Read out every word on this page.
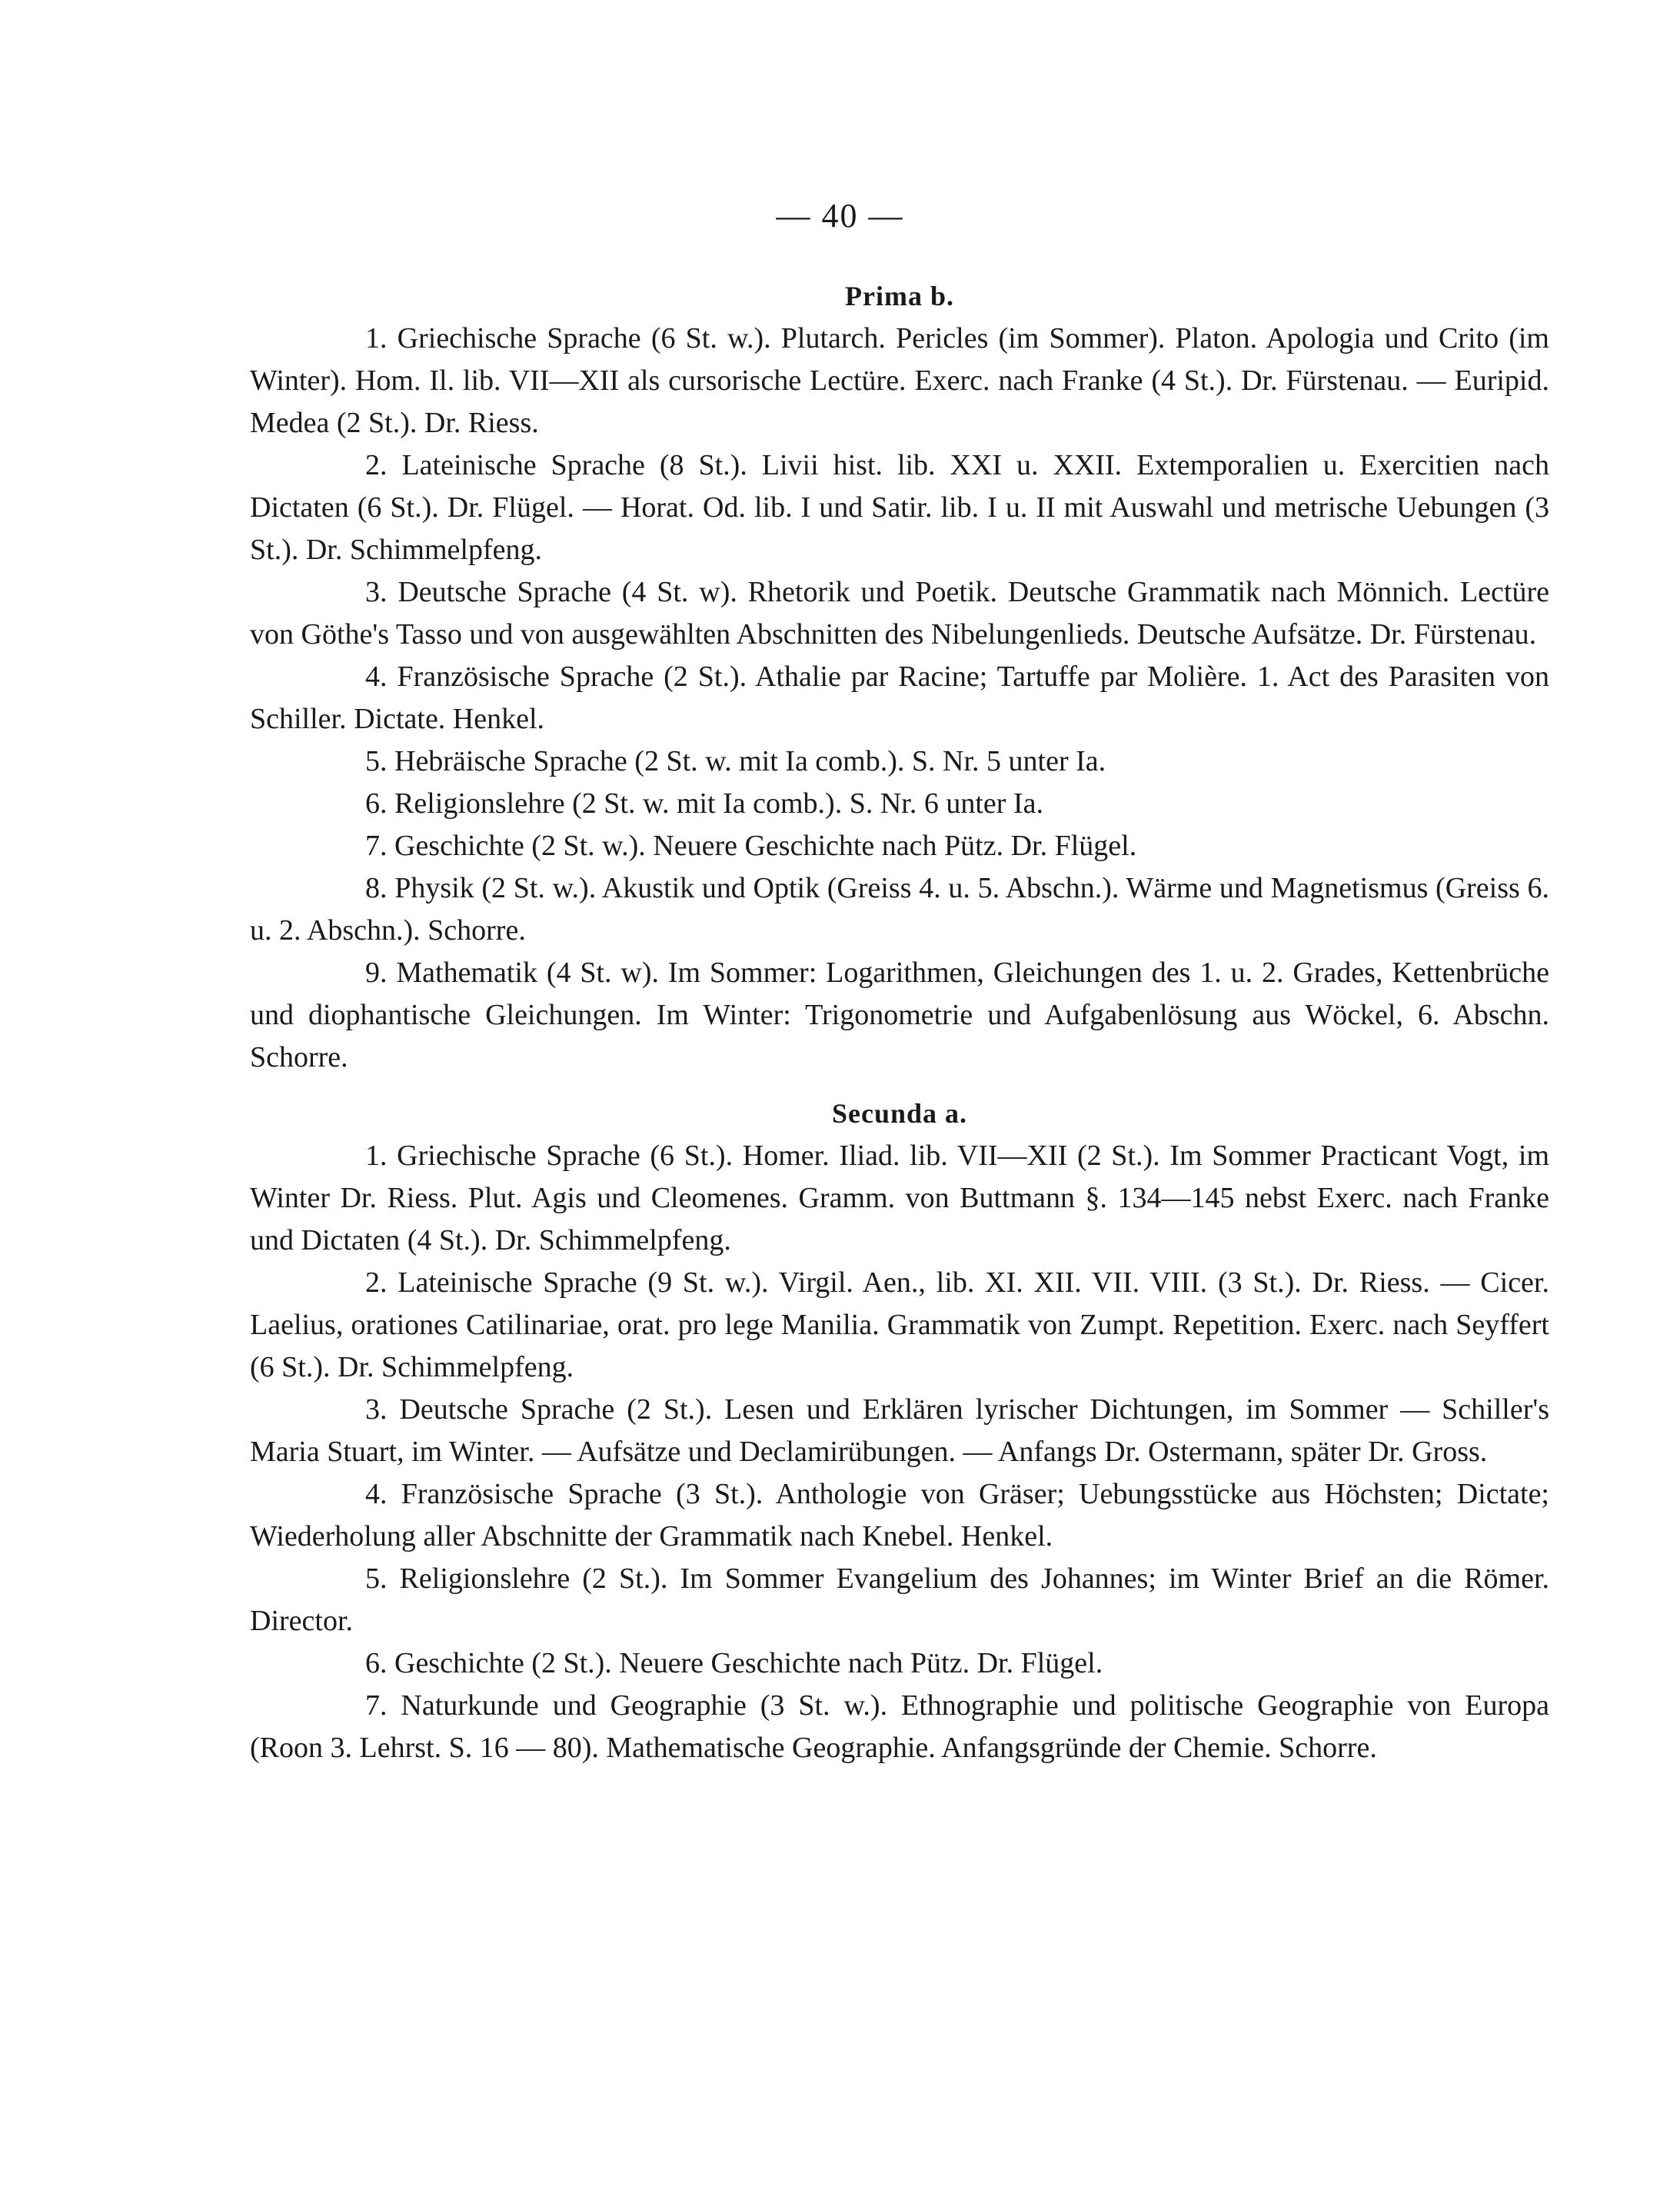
— 40 —
Prima b.

1. Griechische Sprache (6 St. w.). Plutarch. Pericles (im Sommer). Platon. Apologia und Crito (im Winter). Hom. Il. lib. VII—XII als cursorische Lectüre. Exerc. nach Franke (4 St.). Dr. Fürstenau. — Euripid. Medea (2 St.). Dr. Riess.

2. Lateinische Sprache (8 St.). Livii hist. lib. XXI u. XXII. Extemporalien u. Exercitien nach Dictaten (6 St.). Dr. Flügel. — Horat. Od. lib. I und Satir. lib. I u. II mit Auswahl und metrische Uebungen (3 St.). Dr. Schimmelpfeng.

3. Deutsche Sprache (4 St. w). Rhetorik und Poetik. Deutsche Grammatik nach Mönnich. Lectüre von Göthe's Tasso und von ausgewählten Abschnitten des Nibelungenlieds. Deutsche Aufsätze. Dr. Fürstenau.

4. Französische Sprache (2 St.). Athalie par Racine; Tartuffe par Molière. 1. Act des Parasiten von Schiller. Dictate. Henkel.

5. Hebräische Sprache (2 St. w. mit Ia comb.). S. Nr. 5 unter Ia.

6. Religionslehre (2 St. w. mit Ia comb.). S. Nr. 6 unter Ia.

7. Geschichte (2 St. w.). Neuere Geschichte nach Pütz. Dr. Flügel.

8. Physik (2 St. w.). Akustik und Optik (Greiss 4. u. 5. Abschn.). Wärme und Magnetismus (Greiss 6. u. 2. Abschn.). Schorre.

9. Mathematik (4 St. w). Im Sommer: Logarithmen, Gleichungen des 1. u. 2. Grades, Kettenbrüche und diophantische Gleichungen. Im Winter: Trigonometrie und Aufgabenlösung aus Wöckel, 6. Abschn. Schorre.

Secunda a.

1. Griechische Sprache (6 St.). Homer. Iliad. lib. VII—XII (2 St.). Im Sommer Practicant Vogt, im Winter Dr. Riess. Plut. Agis und Cleomenes. Gramm. von Buttmann §. 134—145 nebst Exerc. nach Franke und Dictaten (4 St.). Dr. Schimmelpfeng.

2. Lateinische Sprache (9 St. w.). Virgil. Aen., lib. XI. XII. VII. VIII. (3 St.). Dr. Riess. — Cicer. Laelius, orationes Catilinariae, orat. pro lege Manilia. Grammatik von Zumpt. Repetition. Exerc. nach Seyffert (6 St.). Dr. Schimmelpfeng.

3. Deutsche Sprache (2 St.). Lesen und Erklären lyrischer Dichtungen, im Sommer — Schiller's Maria Stuart, im Winter. — Aufsätze und Declamirübungen. — Anfangs Dr. Ostermann, später Dr. Gross.

4. Französische Sprache (3 St.). Anthologie von Gräser; Uebungsstücke aus Höchsten; Dictate; Wiederholung aller Abschnitte der Grammatik nach Knebel. Henkel.

5. Religionslehre (2 St.). Im Sommer Evangelium des Johannes; im Winter Brief an die Römer. Director.

6. Geschichte (2 St.). Neuere Geschichte nach Pütz. Dr. Flügel.

7. Naturkunde und Geographie (3 St. w.). Ethnographie und politische Geographie von Europa (Roon 3. Lehrst. S. 16 — 80). Mathematische Geographie. Anfangsgründe der Chemie. Schorre.
